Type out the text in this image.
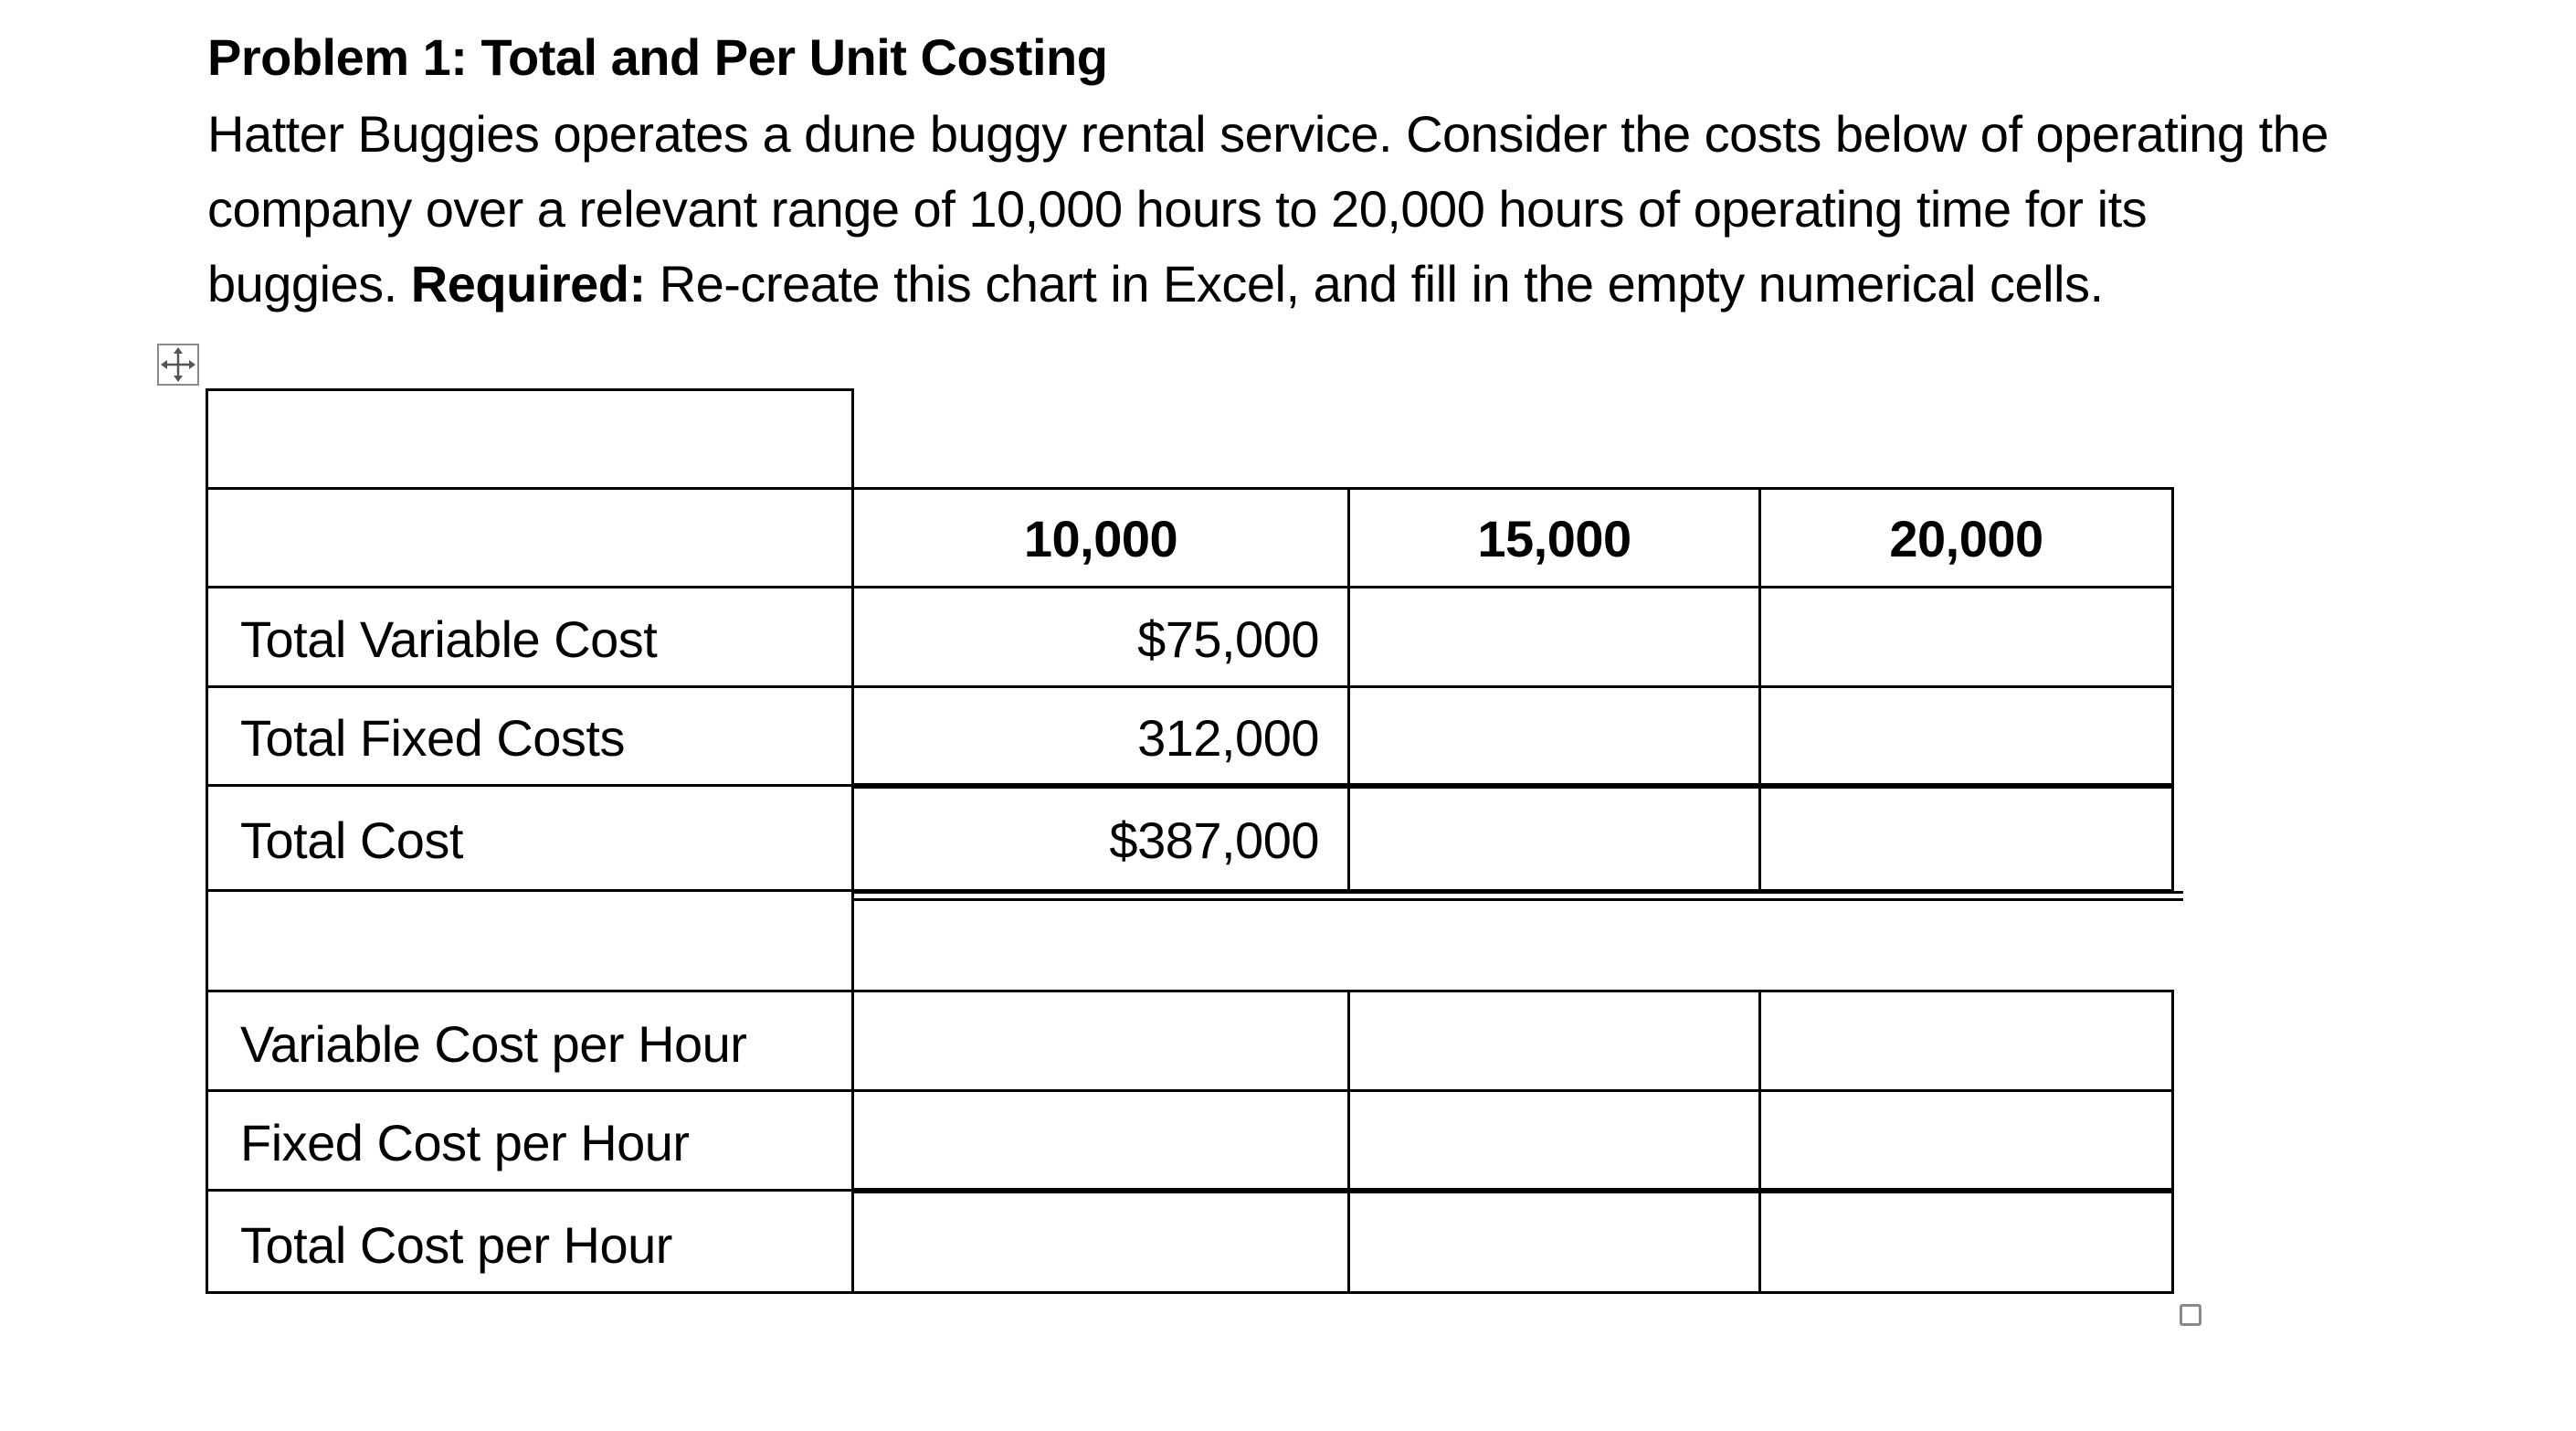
Problem 1: Total and Per Unit Costing
Hatter Buggies operates a dune buggy rental service. Consider the costs below of operating the
company over a relevant range of 10,000 hours to 20,000 hours of operating time for its
buggies. Required: Re-create this chart in Excel, and fill in the empty numerical cells.
10,000	15,000	20,000
Total Variable Cost
Total Fixed Costs
Total Cost
$75,000
312,000
$387,000
Variable Cost per Hour
Fixed Cost per Hour
Total Cost per Hour
